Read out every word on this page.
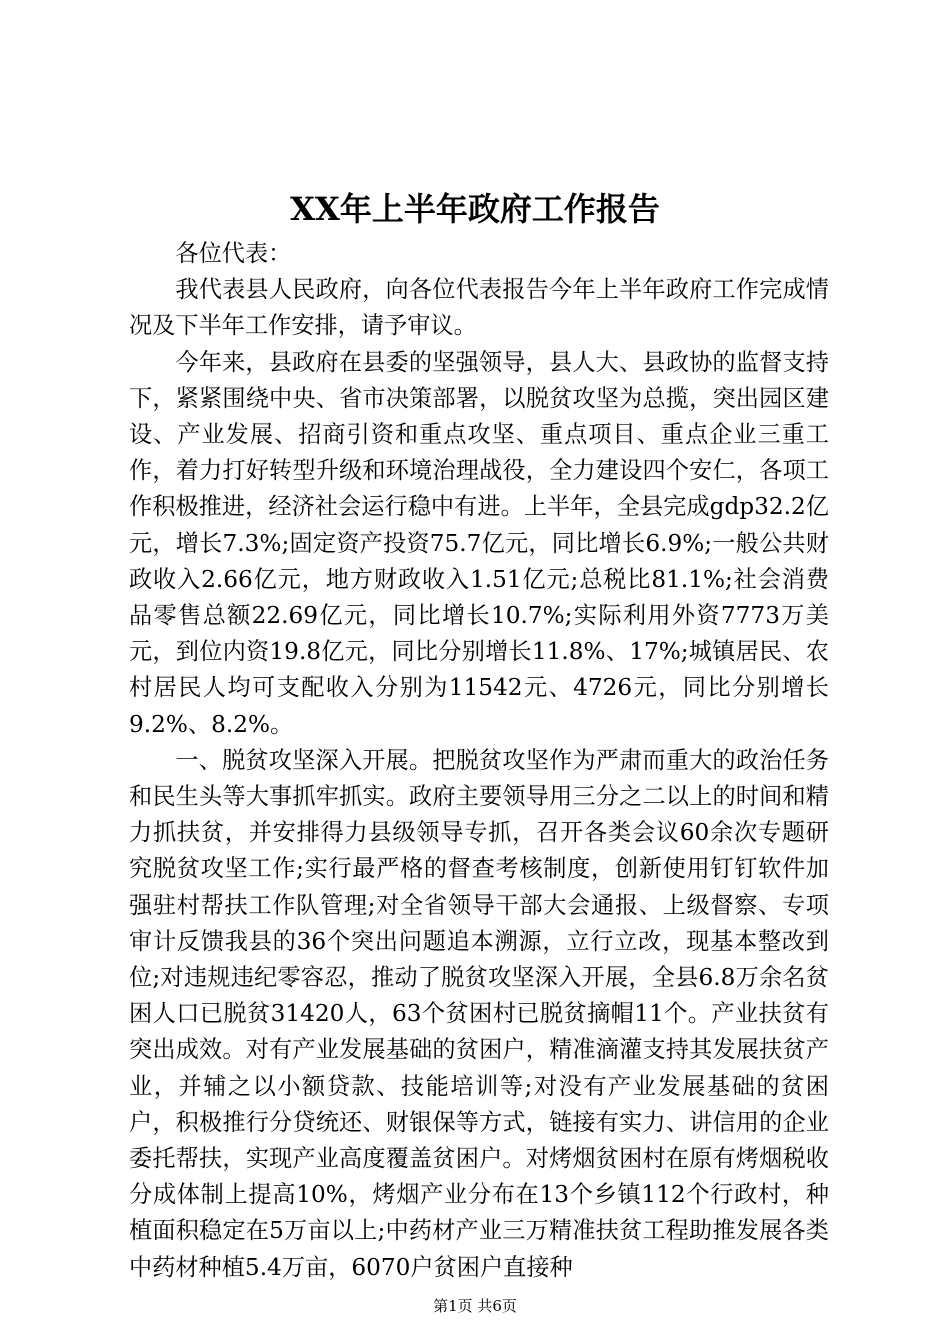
XX年上半年政府工作报告

各位代表：

我代表县人民政府，向各位代表报告今年上半年政府工作完成情况及下半年工作安排，请予审议。

今年来，县政府在县委的坚强领导，县人大、县政协的监督支持下，紧紧围绕中央、省市决策部署，以脱贫攻坚为总揽，突出园区建设、产业发展、招商引资和重点攻坚、重点项目、重点企业三重工作，着力打好转型升级和环境治理战役，全力建设四个安仁，各项工作积极推进，经济社会运行稳中有进。上半年，全县完成gdp32.2亿元，增长7.3%;固定资产投资75.7亿元，同比增长6.9%;一般公共财政收入2.66亿元，地方财政收入1.51亿元;总税比81.1%;社会消费品零售总额22.69亿元，同比增长10.7%;实际利用外资7773万美元，到位内资19.8亿元，同比分别增长11.8%、17%;城镇居民、农村居民人均可支配收入分别为11542元、4726元，同比分别增长9.2%、8.2%。

一、脱贫攻坚深入开展。把脱贫攻坚作为严肃而重大的政治任务和民生头等大事抓牢抓实。政府主要领导用三分之二以上的时间和精力抓扶贫，并安排得力县级领导专抓，召开各类会议60余次专题研究脱贫攻坚工作;实行最严格的督查考核制度，创新使用钉钉软件加强驻村帮扶工作队管理;对全省领导干部大会通报、上级督察、专项审计反馈我县的36个突出问题追本溯源，立行立改，现基本整改到位;对违规违纪零容忍，推动了脱贫攻坚深入开展，全县6.8万余名贫困人口已脱贫31420人，63个贫困村已脱贫摘帽11个。产业扶贫有突出成效。对有产业发展基础的贫困户，精准滴灌支持其发展扶贫产业，并辅之以小额贷款、技能培训等;对没有产业发展基础的贫困户，积极推行分贷统还、财银保等方式，链接有实力、讲信用的企业委托帮扶，实现产业高度覆盖贫困户。对烤烟贫困村在原有烤烟税收分成体制上提高10%，烤烟产业分布在13个乡镇112个行政村，种植面积稳定在5万亩以上;中药材产业三万精准扶贫工程助推发展各类中药材种植5.4万亩，6070户贫困户直接种

第1页 共6页
